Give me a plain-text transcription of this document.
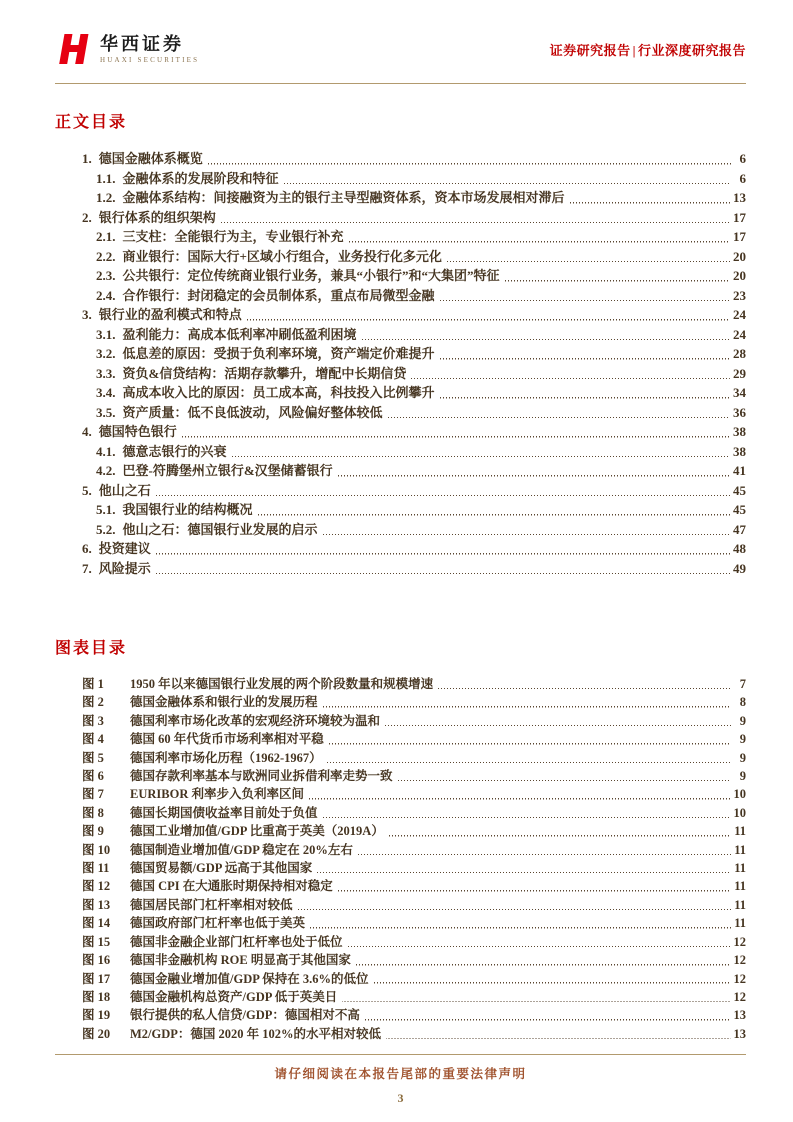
华西证券
HUAXI SECURITIES
证券研究报告 | 行业深度研究报告
正文目录
1. 德国金融体系概览	6
1.1. 金融体系的发展阶段和特征	6
1.2. 金融体系结构：间接融资为主的银行主导型融资体系，资本市场发展相对滞后	13
2. 银行体系的组织架构	17
2.1. 三支柱：全能银行为主，专业银行补充	17
2.2. 商业银行：国际大行+区域小行组合，业务投行化多元化	20
2.3. 公共银行：定位传统商业银行业务，兼具“小银行”和“大集团”特征	20
2.4. 合作银行：封闭稳定的会员制体系，重点布局微型金融	23
3. 银行业的盈利模式和特点	24
3.1. 盈利能力：高成本低利率冲刷低盈利困境	24
3.2. 低息差的原因：受损于负利率环境，资产端定价难提升	28
3.3. 资负&信贷结构：活期存款攀升，增配中长期信贷	29
3.4. 高成本收入比的原因：员工成本高，科技投入比例攀升	34
3.5. 资产质量：低不良低波动，风险偏好整体较低	36
4. 德国特色银行	38
4.1. 德意志银行的兴衰	38
4.2. 巴登-符腾堡州立银行&汉堡储蓄银行	41
5. 他山之石	45
5.1. 我国银行业的结构概况	45
5.2. 他山之石：德国银行业发展的启示	47
6. 投资建议	48
7. 风险提示	49
图表目录
图 1	1950 年以来德国银行业发展的两个阶段数量和规模增速	7
图 2	德国金融体系和银行业的发展历程	8
图 3	德国利率市场化改革的宏观经济环境较为温和	9
图 4	德国 60 年代货币市场利率相对平稳	9
图 5	德国利率市场化历程（1962-1967）	9
图 6	德国存款利率基本与欧洲同业拆借利率走势一致	9
图 7	EURIBOR 利率步入负利率区间	10
图 8	德国长期国债收益率目前处于负值	10
图 9	德国工业增加值/GDP 比重高于英美（2019A）	11
图 10	德国制造业增加值/GDP 稳定在 20%左右	11
图 11	德国贸易额/GDP 远高于其他国家	11
图 12	德国 CPI 在大通胀时期保持相对稳定	11
图 13	德国居民部门杠杆率相对较低	11
图 14	德国政府部门杠杆率也低于美英	11
图 15	德国非金融企业部门杠杆率也处于低位	12
图 16	德国非金融机构 ROE 明显高于其他国家	12
图 17	德国金融业增加值/GDP 保持在 3.6%的低位	12
图 18	德国金融机构总资产/GDP 低于英美日	12
图 19	银行提供的私人信贷/GDP：德国相对不高	13
图 20	M2/GDP：德国 2020 年 102%的水平相对较低	13
请仔细阅读在本报告尾部的重要法律声明
3
